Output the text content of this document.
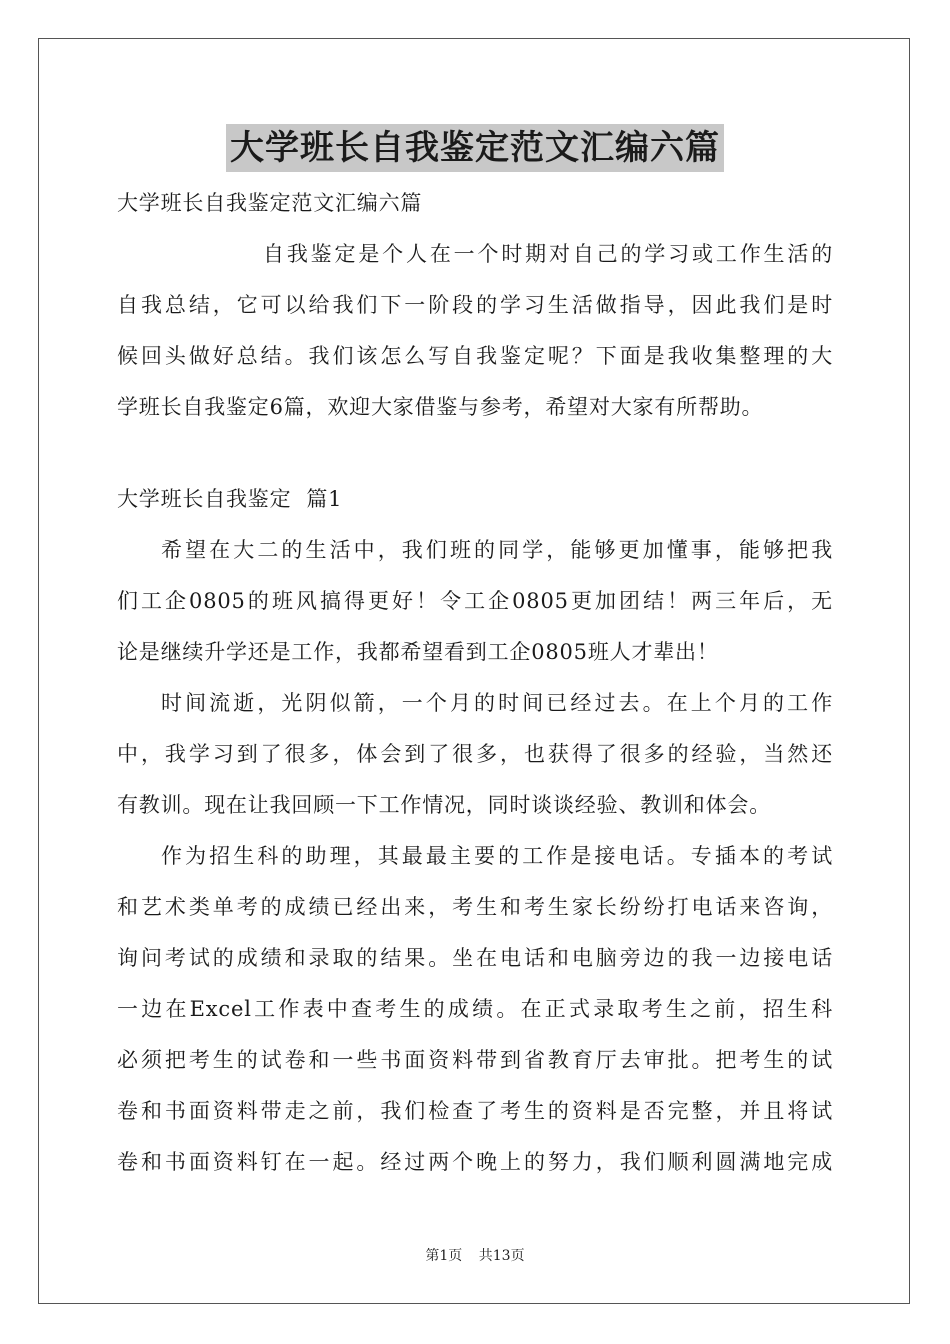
大学班长自我鉴定范文汇编六篇
大学班长自我鉴定范文汇编六篇
自我鉴定是个人在一个时期对自己的学习或工作生活的
自我总结，它可以给我们下一阶段的学习生活做指导，因此我们是时
候回头做好总结。我们该怎么写自我鉴定呢？下面是我收集整理的大
学班长自我鉴定6篇，欢迎大家借鉴与参考，希望对大家有所帮助。
大学班长自我鉴定  篇1
希望在大二的生活中，我们班的同学，能够更加懂事，能够把我
们工企0805的班风搞得更好！令工企0805更加团结！两三年后，无
论是继续升学还是工作，我都希望看到工企0805班人才辈出！
时间流逝，光阴似箭，一个月的时间已经过去。在上个月的工作
中，我学习到了很多，体会到了很多，也获得了很多的经验，当然还
有教训。现在让我回顾一下工作情况，同时谈谈经验、教训和体会。
作为招生科的助理，其最最主要的工作是接电话。专插本的考试
和艺术类单考的成绩已经出来，考生和考生家长纷纷打电话来咨询，
询问考试的成绩和录取的结果。坐在电话和电脑旁边的我一边接电话
一边在Excel工作表中查考生的成绩。在正式录取考生之前，招生科
必须把考生的试卷和一些书面资料带到省教育厅去审批。把考生的试
卷和书面资料带走之前，我们检查了考生的资料是否完整，并且将试
卷和书面资料钉在一起。经过两个晚上的努力，我们顺利圆满地完成
第1页 共13页
